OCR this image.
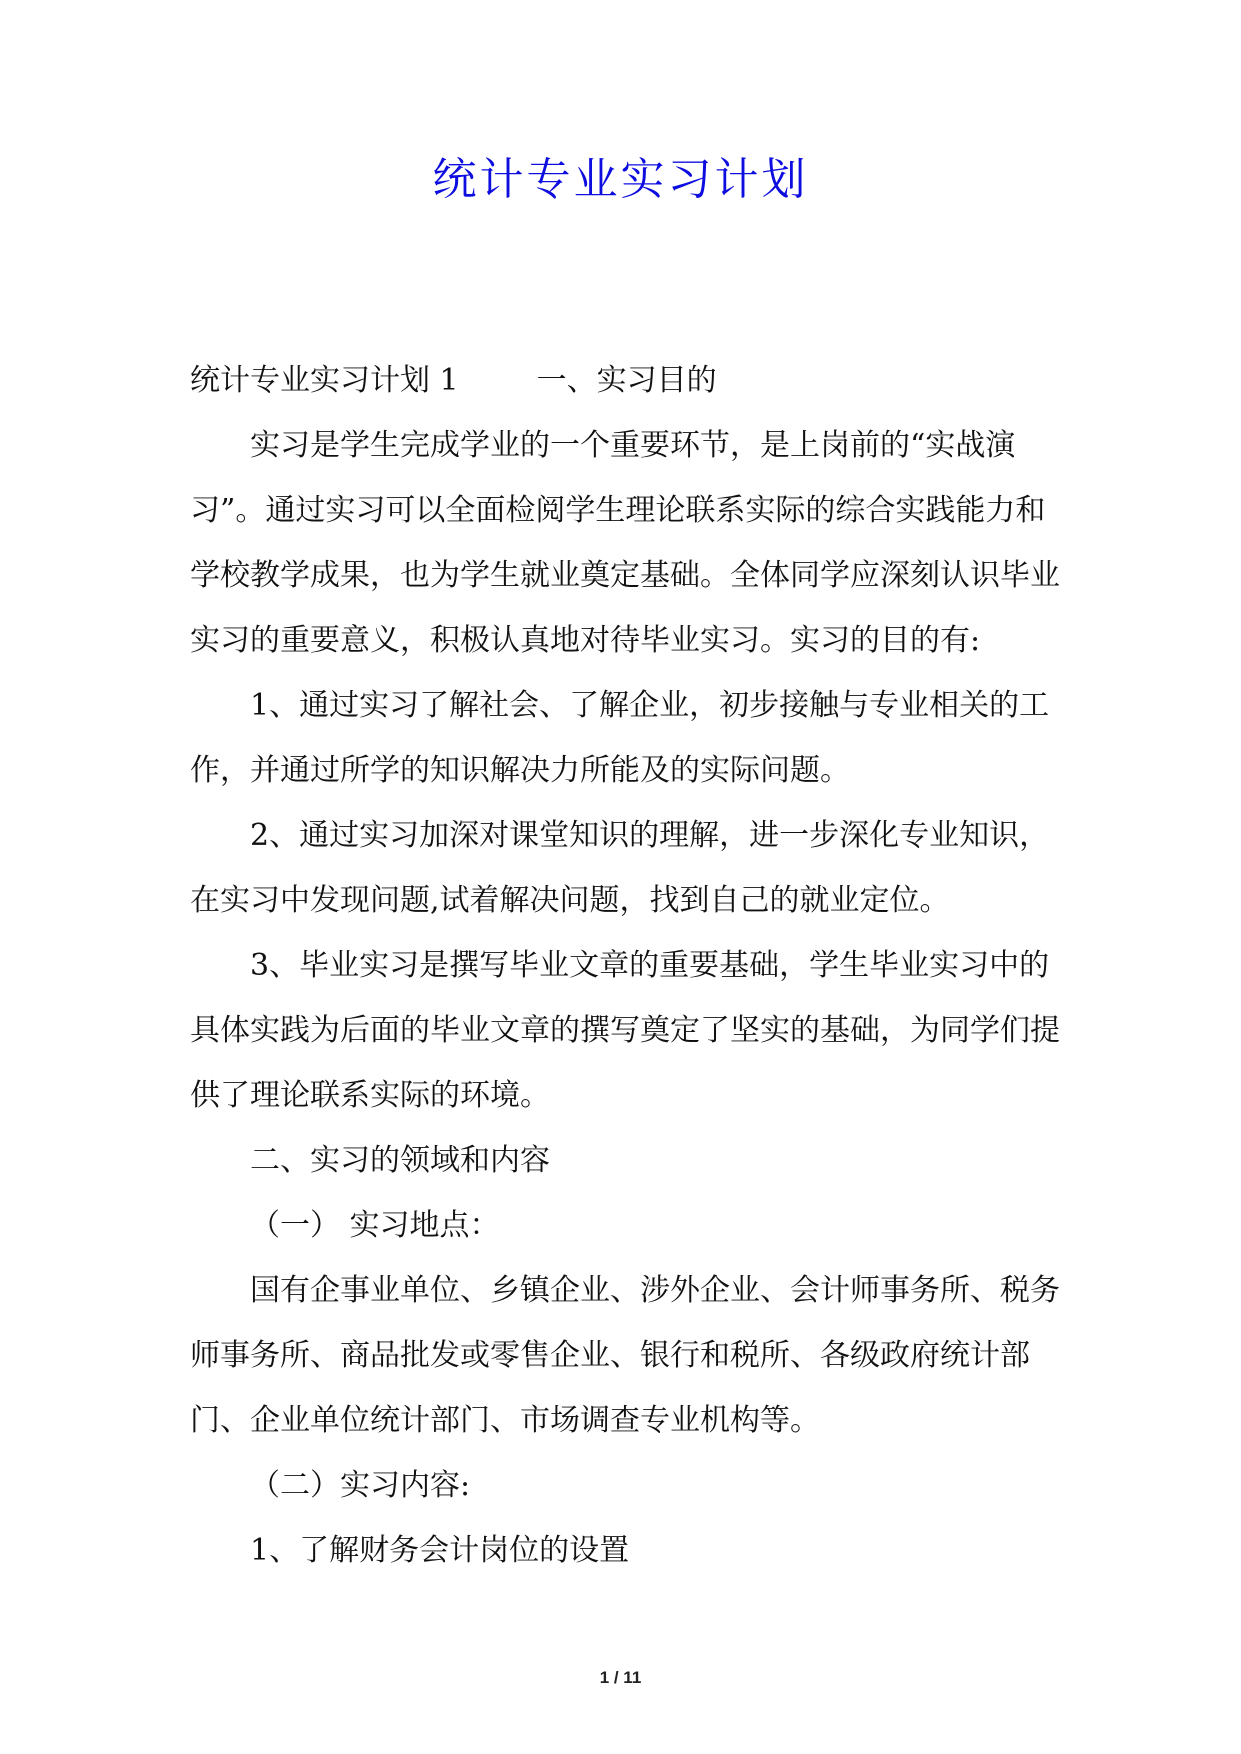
统计专业实习计划

统计专业实习计划 1	一、实习目的

实习是学生完成学业的一个重要环节，是上岗前的“实战演习”。通过实习可以全面检阅学生理论联系实际的综合实践能力和学校教学成果，也为学生就业奠定基础。全体同学应深刻认识毕业实习的重要意义，积极认真地对待毕业实习。实习的目的有:

1、通过实习了解社会、了解企业，初步接触与专业相关的工作，并通过所学的知识解决力所能及的实际问题。

2、通过实习加深对课堂知识的理解，进一步深化专业知识，在实习中发现问题,试着解决问题，找到自己的就业定位。

3、毕业实习是撰写毕业文章的重要基础，学生毕业实习中的具体实践为后面的毕业文章的撰写奠定了坚实的基础，为同学们提供了理论联系实际的环境。

二、实习的领域和内容

（一） 实习地点：

国有企事业单位、乡镇企业、涉外企业、会计师事务所、税务师事务所、商品批发或零售企业、银行和税所、各级政府统计部门、企业单位统计部门、市场调查专业机构等。

（二）实习内容:

1、了解财务会计岗位的设置

1 / 11
